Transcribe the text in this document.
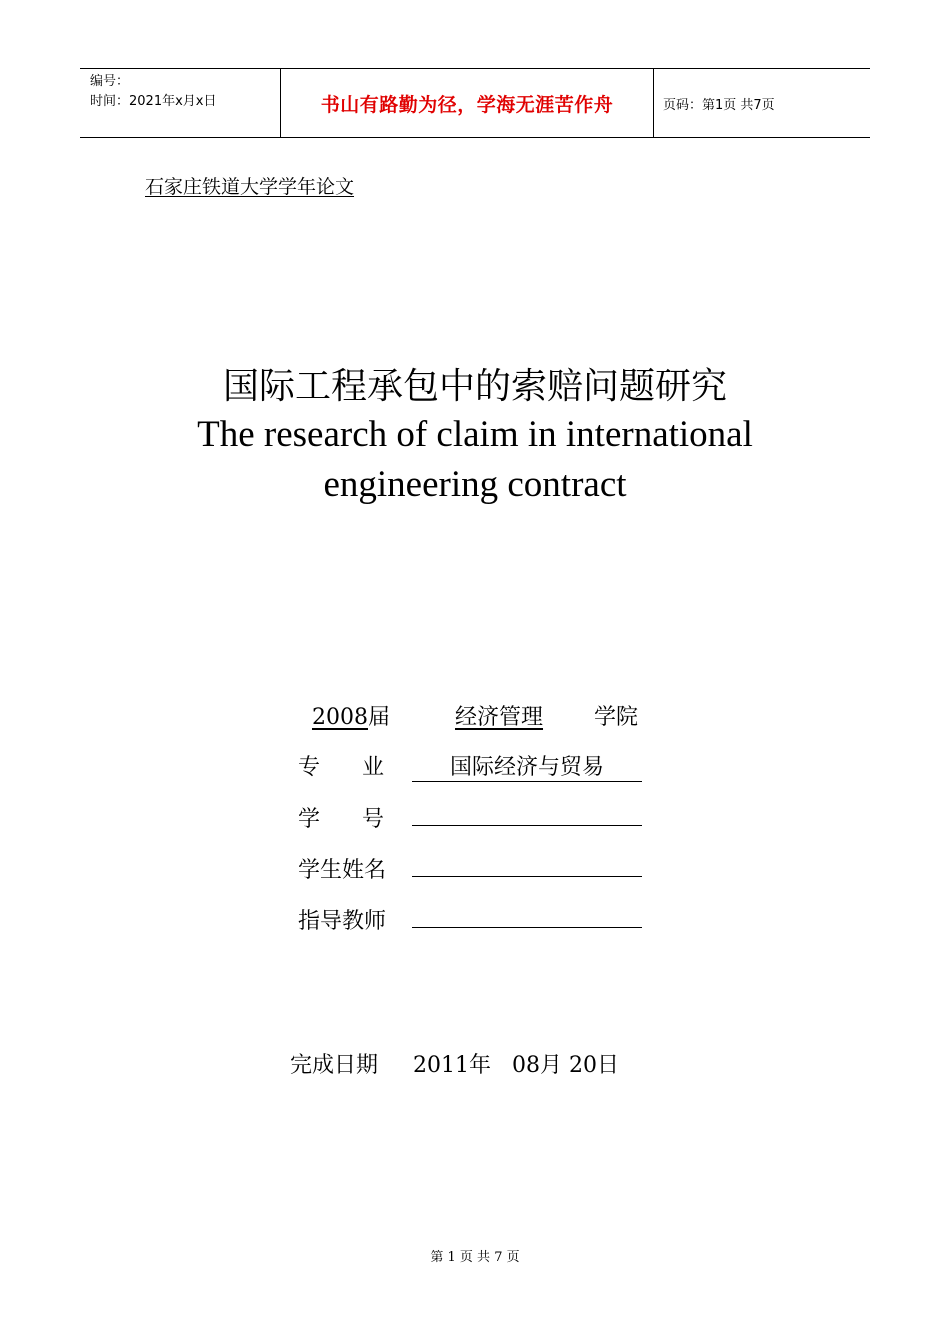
编号：
时间：2021年x月x日	书山有路勤为径，学海无涯苦作舟	页码：第1页 共7页
石家庄铁道大学学年论文
国际工程承包中的索赔问题研究
The research of claim in international
engineering contract
2008 届	经济管理	学院
专      业	国际经济与贸易
学      号
学生姓名
指导教师
完成日期 2011年 08月 20日
第 1 页 共 7 页
